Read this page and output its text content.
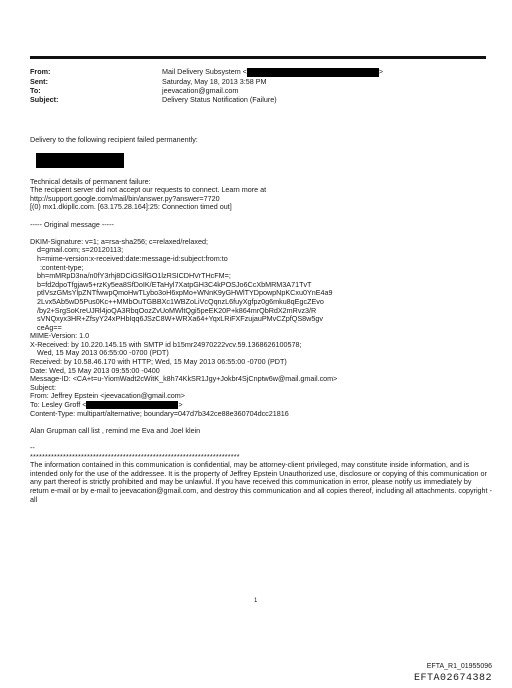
From:	Mail Delivery Subsystem <	>
Sent:	Saturday, May 18, 2013 3:58 PM
To:	jeevacation@gmail.com
Subject:	Delivery Status Notification (Failure)
Delivery to the following recipient failed permanently:
Technical details of permanent failure:
The recipient server did not accept our requests to connect. Learn more at
http://support.google.com/mail/bin/answer.py?answer=7720
[(0) mx1.dkipllc.com. [63.175.28.164]:25: Connection timed out]
----- Original message -----
DKIM-Signature: v=1; a=rsa-sha256; c=relaxed/relaxed;
d=gmail.com; s=20120113;
h=mime-version:x-received:date:message-id:subject:from:to
:content-type;
bh=mMRpD3na/n0fY3rhj8DCiGSlfGO1lzRSICDHVrTHcFM=;
b=fd2dpoTfgjaw5+rzKy5ea8SfDoIK/ETaHyl7XatpGH3C4kPOSJo6CcXbMRM3A71TvT
ptlVszGMsYlpZNTfwwpQmoHwTLybo3oH6xpMo+WNnK9yGHWlTYDpowpNpKCxu0YnE4a9
2Lvx5Ab5wD5Pus0Kc++MMbOuTGBBXc1WBZoLiVcQqnzL6fuyXgfpz0g6mku8qEgcZEvo
/by2+SrgSoKreUJRl4joQA3RbqOozZvUoMWltQgi5peEK20P+k864mrQbRdX2mRvz3/R
sVNQxyx3HR+ZfsyY24xPHbIqq6JSzC8W+WRXa64+YqxLRiFXFzujauPMvCZpfQS8w5gv
ceAg==
MIME-Version: 1.0
X-Received: by 10.220.145.15 with SMTP id b15mr24970222vcv.59.1368626100578;
Wed, 15 May 2013 06:55:00 -0700 (PDT)
Received: by 10.58.46.170 with HTTP; Wed, 15 May 2013 06:55:00 -0700 (PDT)
Date: Wed, 15 May 2013 09:55:00 -0400
Message-ID: <CA+t=u-YiomWadt2cWitK_k8h74KkSR1Jgy+Jokbr4SjCnptw6w@mail.gmail.com>
Subject:
From: Jeffrey Epstein <jeevacation@gmail.com>
To: Lesley Groff <	>
Content-Type: multipart/alternative; boundary=047d7b342ce88e360704dcc21816
Alan Grupman call list , remind me Eva and Joel klein
--
**********************************************************************
The information contained in this communication is confidential, may be attorney-client privileged, may constitute inside information, and is intended only for the use of the addressee. It is the property of Jeffrey Epstein Unauthorized use, disclosure or copying of this communication or any part thereof is strictly prohibited and may be unlawful. If you have received this communication in error, please notify us immediately by return e-mail or by e-mail to jeevacation@gmail.com, and destroy this communication and all copies thereof, including all attachments. copyright -all
1
EFTA_R1_01955096
EFTA02674382
